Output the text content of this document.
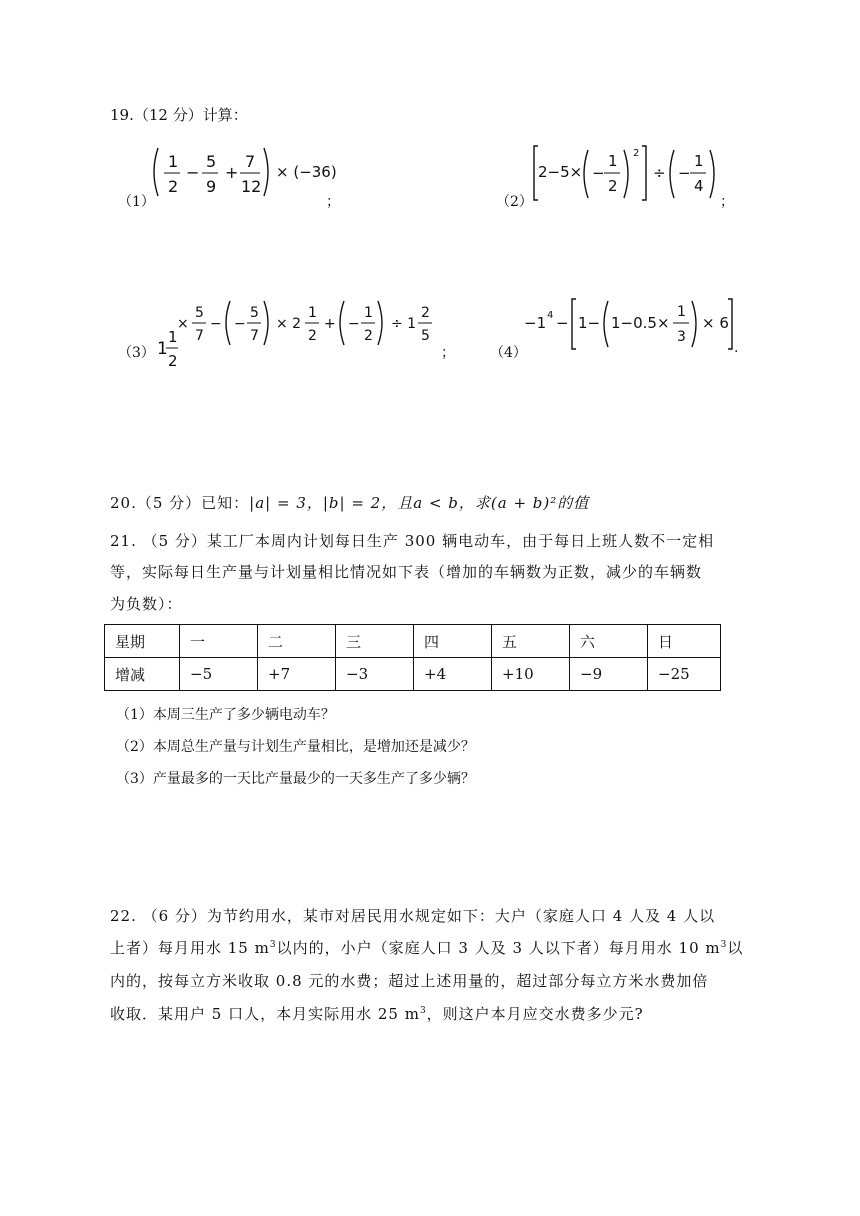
19.（12 分）计算：
（1）
1
2
−
5
9
+
7
12
× (−36)
；	（2）
2−5× −
1
2
2
÷ −
1
4
；
（3） 1
1
2
×
5
7
− −
5
7
× 2
1
2
+ −
1
2
÷ 1
2
5
；	（4）
−1 4 − 1− 1−0.5×
1
3
× 6
.
20.（5 分）已知：|a| = 3，|b| = 2，且a < b，求(a + b)²的值
21. （5 分）某工厂本周内计划每日生产 300 辆电动车，由于每日上班人数不一定相
等，实际每日生产量与计划量相比情况如下表（增加的车辆数为正数，减少的车辆数
为负数）：
星期	一	二	三	四	五	六	日
增减	−5	+7	−3	+4	+10	−9	−25
（1）本周三生产了多少辆电动车？
（2）本周总生产量与计划生产量相比，是增加还是减少？
（3）产量最多的一天比产量最少的一天多生产了多少辆？
22. （6 分）为节约用水，某市对居民用水规定如下：大户（家庭人口 4 人及 4 人以
上者）每月用水 15 $m^3$以内的，小户（家庭人口 3 人及 3 人以下者）每月用水 10 $m^3$以
内的，按每立方米收取 0.8 元的水费；超过上述用量的，超过部分每立方米水费加倍
收取．某用户 5 口人，本月实际用水 25 $m^3$，则这户本月应交水费多少元?
